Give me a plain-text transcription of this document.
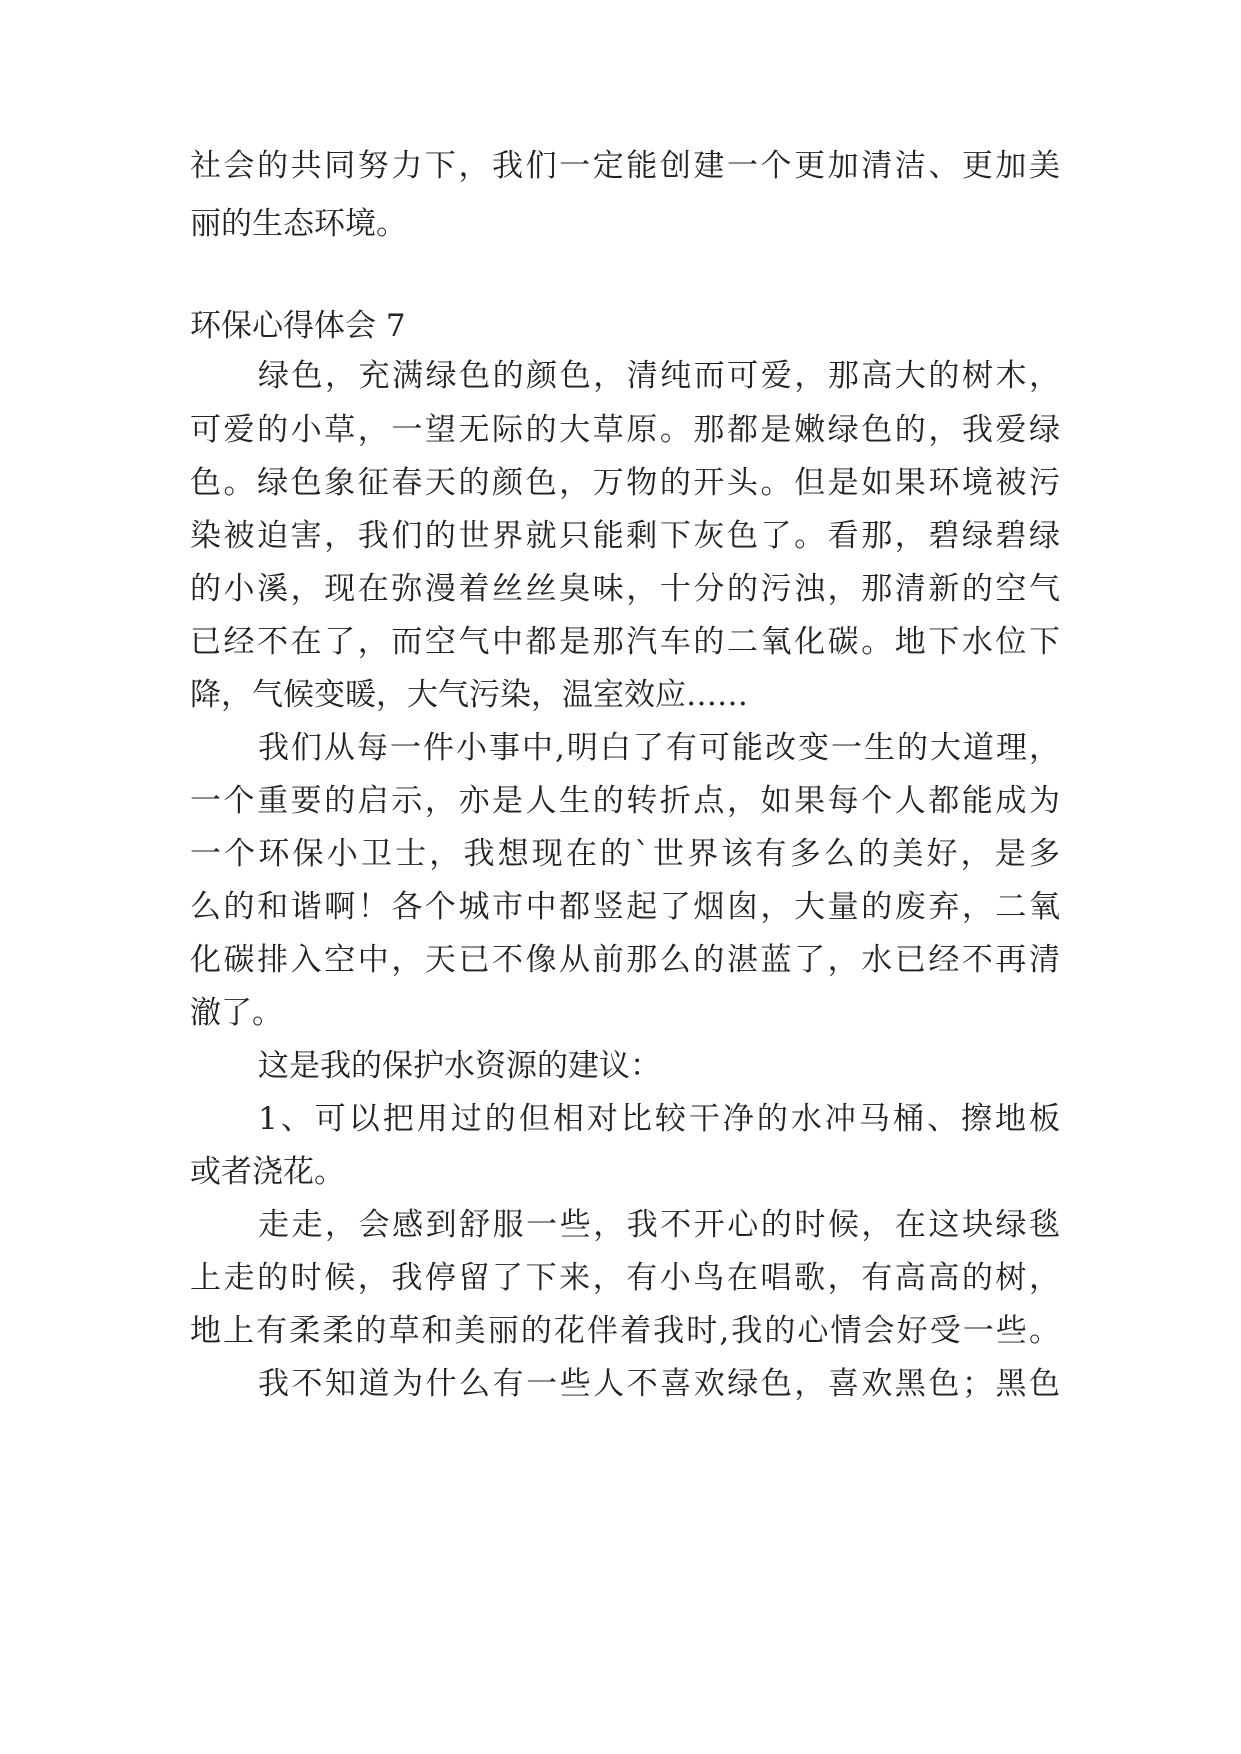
社会的共同努力下，我们一定能创建一个更加清洁、更加美
丽的生态环境。
环保心得体会 7
绿色，充满绿色的颜色，清纯而可爱，那高大的树木，
可爱的小草，一望无际的大草原。那都是嫩绿色的，我爱绿
色。绿色象征春天的颜色，万物的开头。但是如果环境被污
染被迫害，我们的世界就只能剩下灰色了。看那，碧绿碧绿
的小溪，现在弥漫着丝丝臭味，十分的污浊，那清新的空气
已经不在了，而空气中都是那汽车的二氧化碳。地下水位下
降，气候变暖，大气污染，温室效应……
我们从每一件小事中,明白了有可能改变一生的大道理，
一个重要的启示，亦是人生的转折点，如果每个人都能成为
一个环保小卫士，我想现在的`世界该有多么的美好，是多
么的和谐啊！各个城市中都竖起了烟囱，大量的废弃，二氧
化碳排入空中，天已不像从前那么的湛蓝了，水已经不再清
澈了。
这是我的保护水资源的建议：
1、可以把用过的但相对比较干净的水冲马桶、擦地板
或者浇花。
走走，会感到舒服一些，我不开心的时候，在这块绿毯
上走的时候，我停留了下来，有小鸟在唱歌，有高高的树，
地上有柔柔的草和美丽的花伴着我时,我的心情会好受一些。
我不知道为什么有一些人不喜欢绿色，喜欢黑色；黑色
